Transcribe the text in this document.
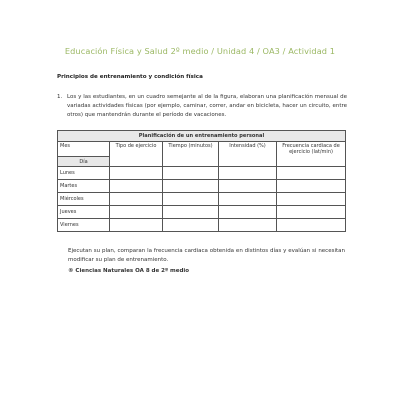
Educación Física y Salud 2º medio / Unidad 4 / OA3 / Actividad 1
Principios de entrenamiento y condición física
1. Los y las estudiantes, en un cuadro semejante al de la figura, elaboran una planificación mensual de variadas actividades físicas (por ejemplo, caminar, correr, andar en bicicleta, hacer un circuito, entre otros) que mantendrán durante el período de vacaciones.
Planificación de un entrenamiento personal				
Mes	Tipo de ejercicio	Tiempo (minutos)	Intensidad (%)	Frecuencia cardiaca de ejercicio (lat/min)
Día				
Lunes				
Martes				
Miércoles				
Jueves				
Viernes				
Ejecutan su plan, comparan la frecuencia cardiaca obtenida en distintos días y evalúan si necesitan modificar su plan de entrenamiento.
® Ciencias Naturales OA 8 de 2º medio
